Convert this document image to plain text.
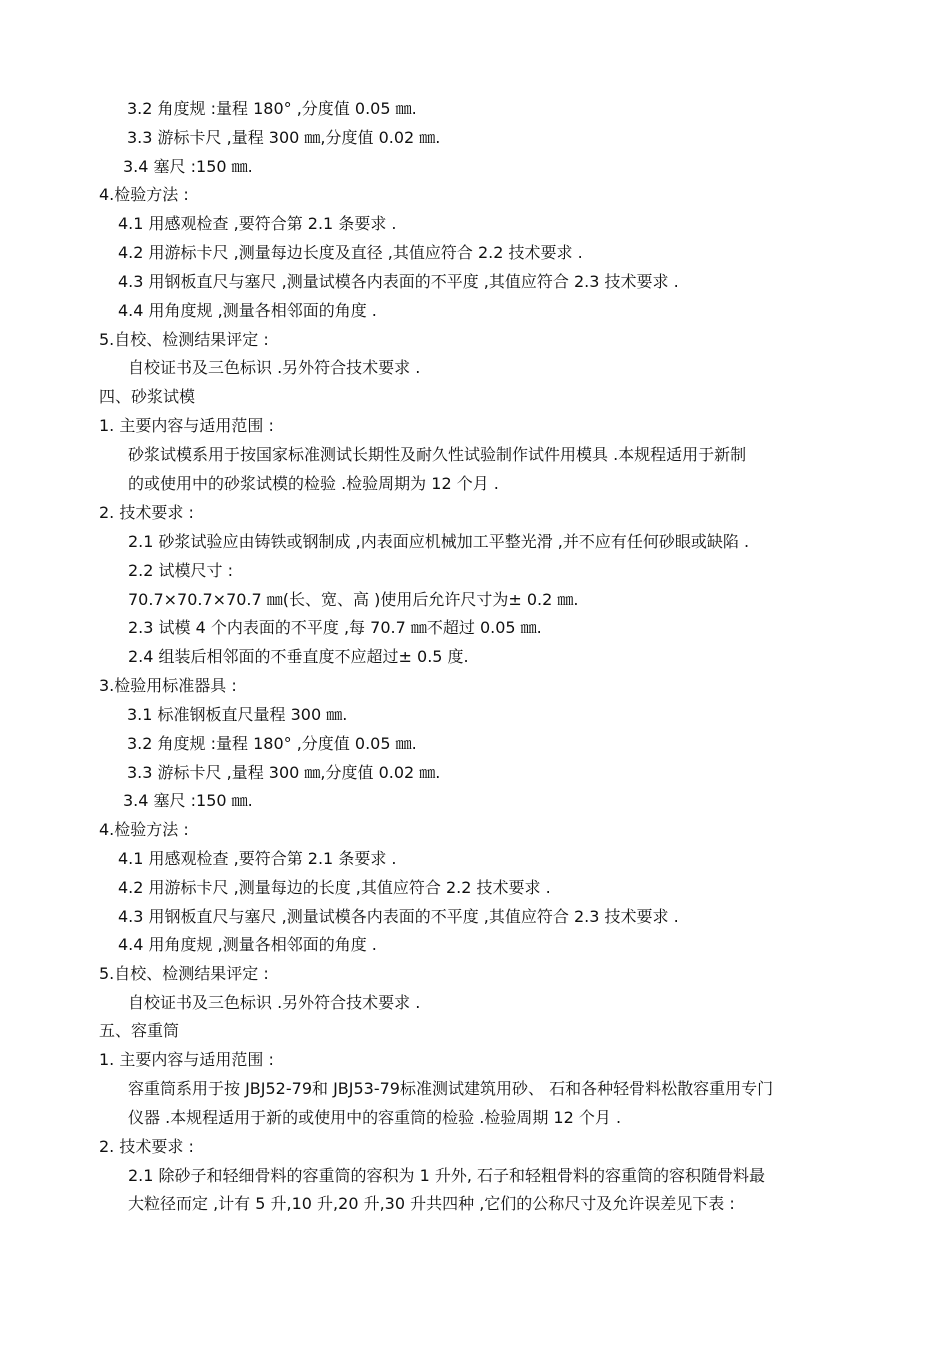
3.2 角度规 :量程 180° ,分度值 0.05 ㎜.
3.3 游标卡尺 ,量程 300 ㎜,分度值 0.02 ㎜.
3.4 塞尺 :150 ㎜.
4.检验方法 :
4.1 用感观检查 ,要符合第 2.1 条要求 .
4.2 用游标卡尺 ,测量每边长度及直径 ,其值应符合 2.2 技术要求 .
4.3 用钢板直尺与塞尺 ,测量试模各内表面的不平度 ,其值应符合 2.3 技术要求 .
4.4 用角度规 ,测量各相邻面的角度 .
5.自校、检测结果评定 :
自校证书及三色标识 .另外符合技术要求 .
四、砂浆试模
1. 主要内容与适用范围 :
砂浆试模系用于按国家标准测试长期性及耐久性试验制作试件用模具 .本规程适用于新制
的或使用中的砂浆试模的检验 .检验周期为 12 个月 .
2. 技术要求 :
2.1 砂浆试验应由铸铁或钢制成 ,内表面应机械加工平整光滑 ,并不应有任何砂眼或缺陷 .
2.2 试模尺寸 :
70.7×70.7×70.7 ㎜(长、宽、高 )使用后允许尺寸为± 0.2 ㎜.
2.3 试模 4 个内表面的不平度 ,每 70.7 ㎜不超过 0.05 ㎜.
2.4 组装后相邻面的不垂直度不应超过± 0.5 度.
3.检验用标准器具 :
3.1 标准钢板直尺量程 300 ㎜.
3.2 角度规 :量程 180° ,分度值 0.05 ㎜.
3.3 游标卡尺 ,量程 300 ㎜,分度值 0.02 ㎜.
3.4 塞尺 :150 ㎜.
4.检验方法 :
4.1 用感观检查 ,要符合第 2.1 条要求 .
4.2 用游标卡尺 ,测量每边的长度 ,其值应符合 2.2 技术要求 .
4.3 用钢板直尺与塞尺 ,测量试模各内表面的不平度 ,其值应符合 2.3 技术要求 .
4.4 用角度规 ,测量各相邻面的角度 .
5.自校、检测结果评定 :
自校证书及三色标识 .另外符合技术要求 .
五、容重筒
1. 主要内容与适用范围 :
容重筒系用于按 JBJ52-79和 JBJ53-79标准测试建筑用砂、 石和各种轻骨料松散容重用专门
仪器 .本规程适用于新的或使用中的容重筒的检验 .检验周期 12 个月 .
2. 技术要求 :
2.1 除砂子和轻细骨料的容重筒的容积为 1 升外, 石子和轻粗骨料的容重筒的容积随骨料最
大粒径而定 ,计有 5 升,10 升,20 升,30 升共四种 ,它们的公称尺寸及允许误差见下表 :
